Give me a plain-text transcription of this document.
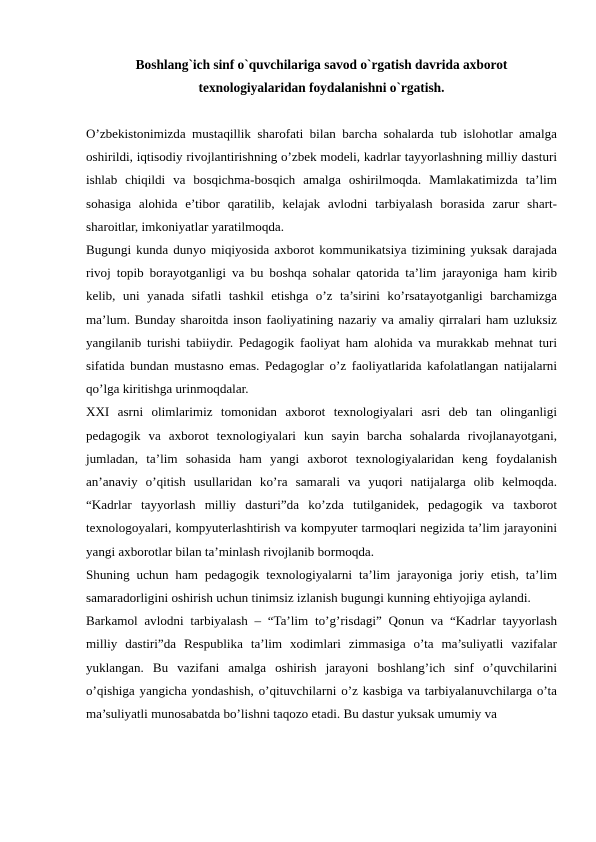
Boshlang`ich sinf o`quvchilariga savod o`rgatish davrida axborot
texnologiyalaridan foydalanishni o`rgatish.

O’zbekistonimizda mustaqillik sharofati bilan barcha sohalarda tub islohotlar amalga oshirildi, iqtisodiy rivojlantirishning o’zbek modeli, kadrlar tayyorlashning milliy dasturi ishlab chiqildi va bosqichma-bosqich amalga oshirilmoqda. Mamlakatimizda ta’lim sohasiga alohida e’tibor qaratilib, kelajak avlodni tarbiyalash borasida zarur shart-sharoitlar, imkoniyatlar yaratilmoqda.

Bugungi kunda dunyo miqiyosida axborot kommunikatsiya tizimining yuksak darajada rivoj topib borayotganligi va bu boshqa sohalar qatorida ta’lim jarayoniga ham kirib kelib, uni yanada sifatli tashkil etishga o’z ta’sirini ko’rsatayotganligi barchamizga ma’lum. Bunday sharoitda inson faoliyatining nazariy va amaliy qirralari ham uzluksiz yangilanib turishi tabiiydir. Pedagogik faoliyat ham alohida va murakkab mehnat turi sifatida bundan mustasno emas. Pedagoglar o’z faoliyatlarida kafolatlangan natijalarni qo’lga kiritishga urinmoqdalar.

XXI asrni olimlarimiz tomonidan axborot texnologiyalari asri deb tan olinganligi pedagogik va axborot texnologiyalari kun sayin barcha sohalarda rivojlanayotgani, jumladan, ta’lim sohasida ham yangi axborot texnologiyalaridan keng foydalanish an’anaviy o’qitish usullaridan ko’ra samarali va yuqori natijalarga olib kelmoqda. “Kadrlar tayyorlash milliy dasturi”da ko’zda tutilganidek, pedagogik va taxborot texnologoyalari, kompyuterlashtirish va kompyuter tarmoqlari negizida ta’lim jarayonini yangi axborotlar bilan ta’minlash rivojlanib bormoqda.

Shuning uchun ham pedagogik texnologiyalarni ta’lim jarayoniga joriy etish, ta’lim samaradorligini oshirish uchun tinimsiz izlanish bugungi kunning ehtiyojiga aylandi.

Barkamol avlodni tarbiyalash – “Ta’lim to’g’risdagi” Qonun va “Kadrlar tayyorlash milliy dastiri”da Respublika ta’lim xodimlari zimmasiga o’ta ma’suliyatli vazifalar yuklangan. Bu vazifani amalga oshirish jarayoni boshlang’ich sinf o’quvchilarini o’qishiga yangicha yondashish, o’qituvchilarni o’z kasbiga va tarbiyalanuvchilarga o’ta ma’suliyatli munosabatda bo’lishni taqozo etadi. Bu dastur yuksak umumiy va
